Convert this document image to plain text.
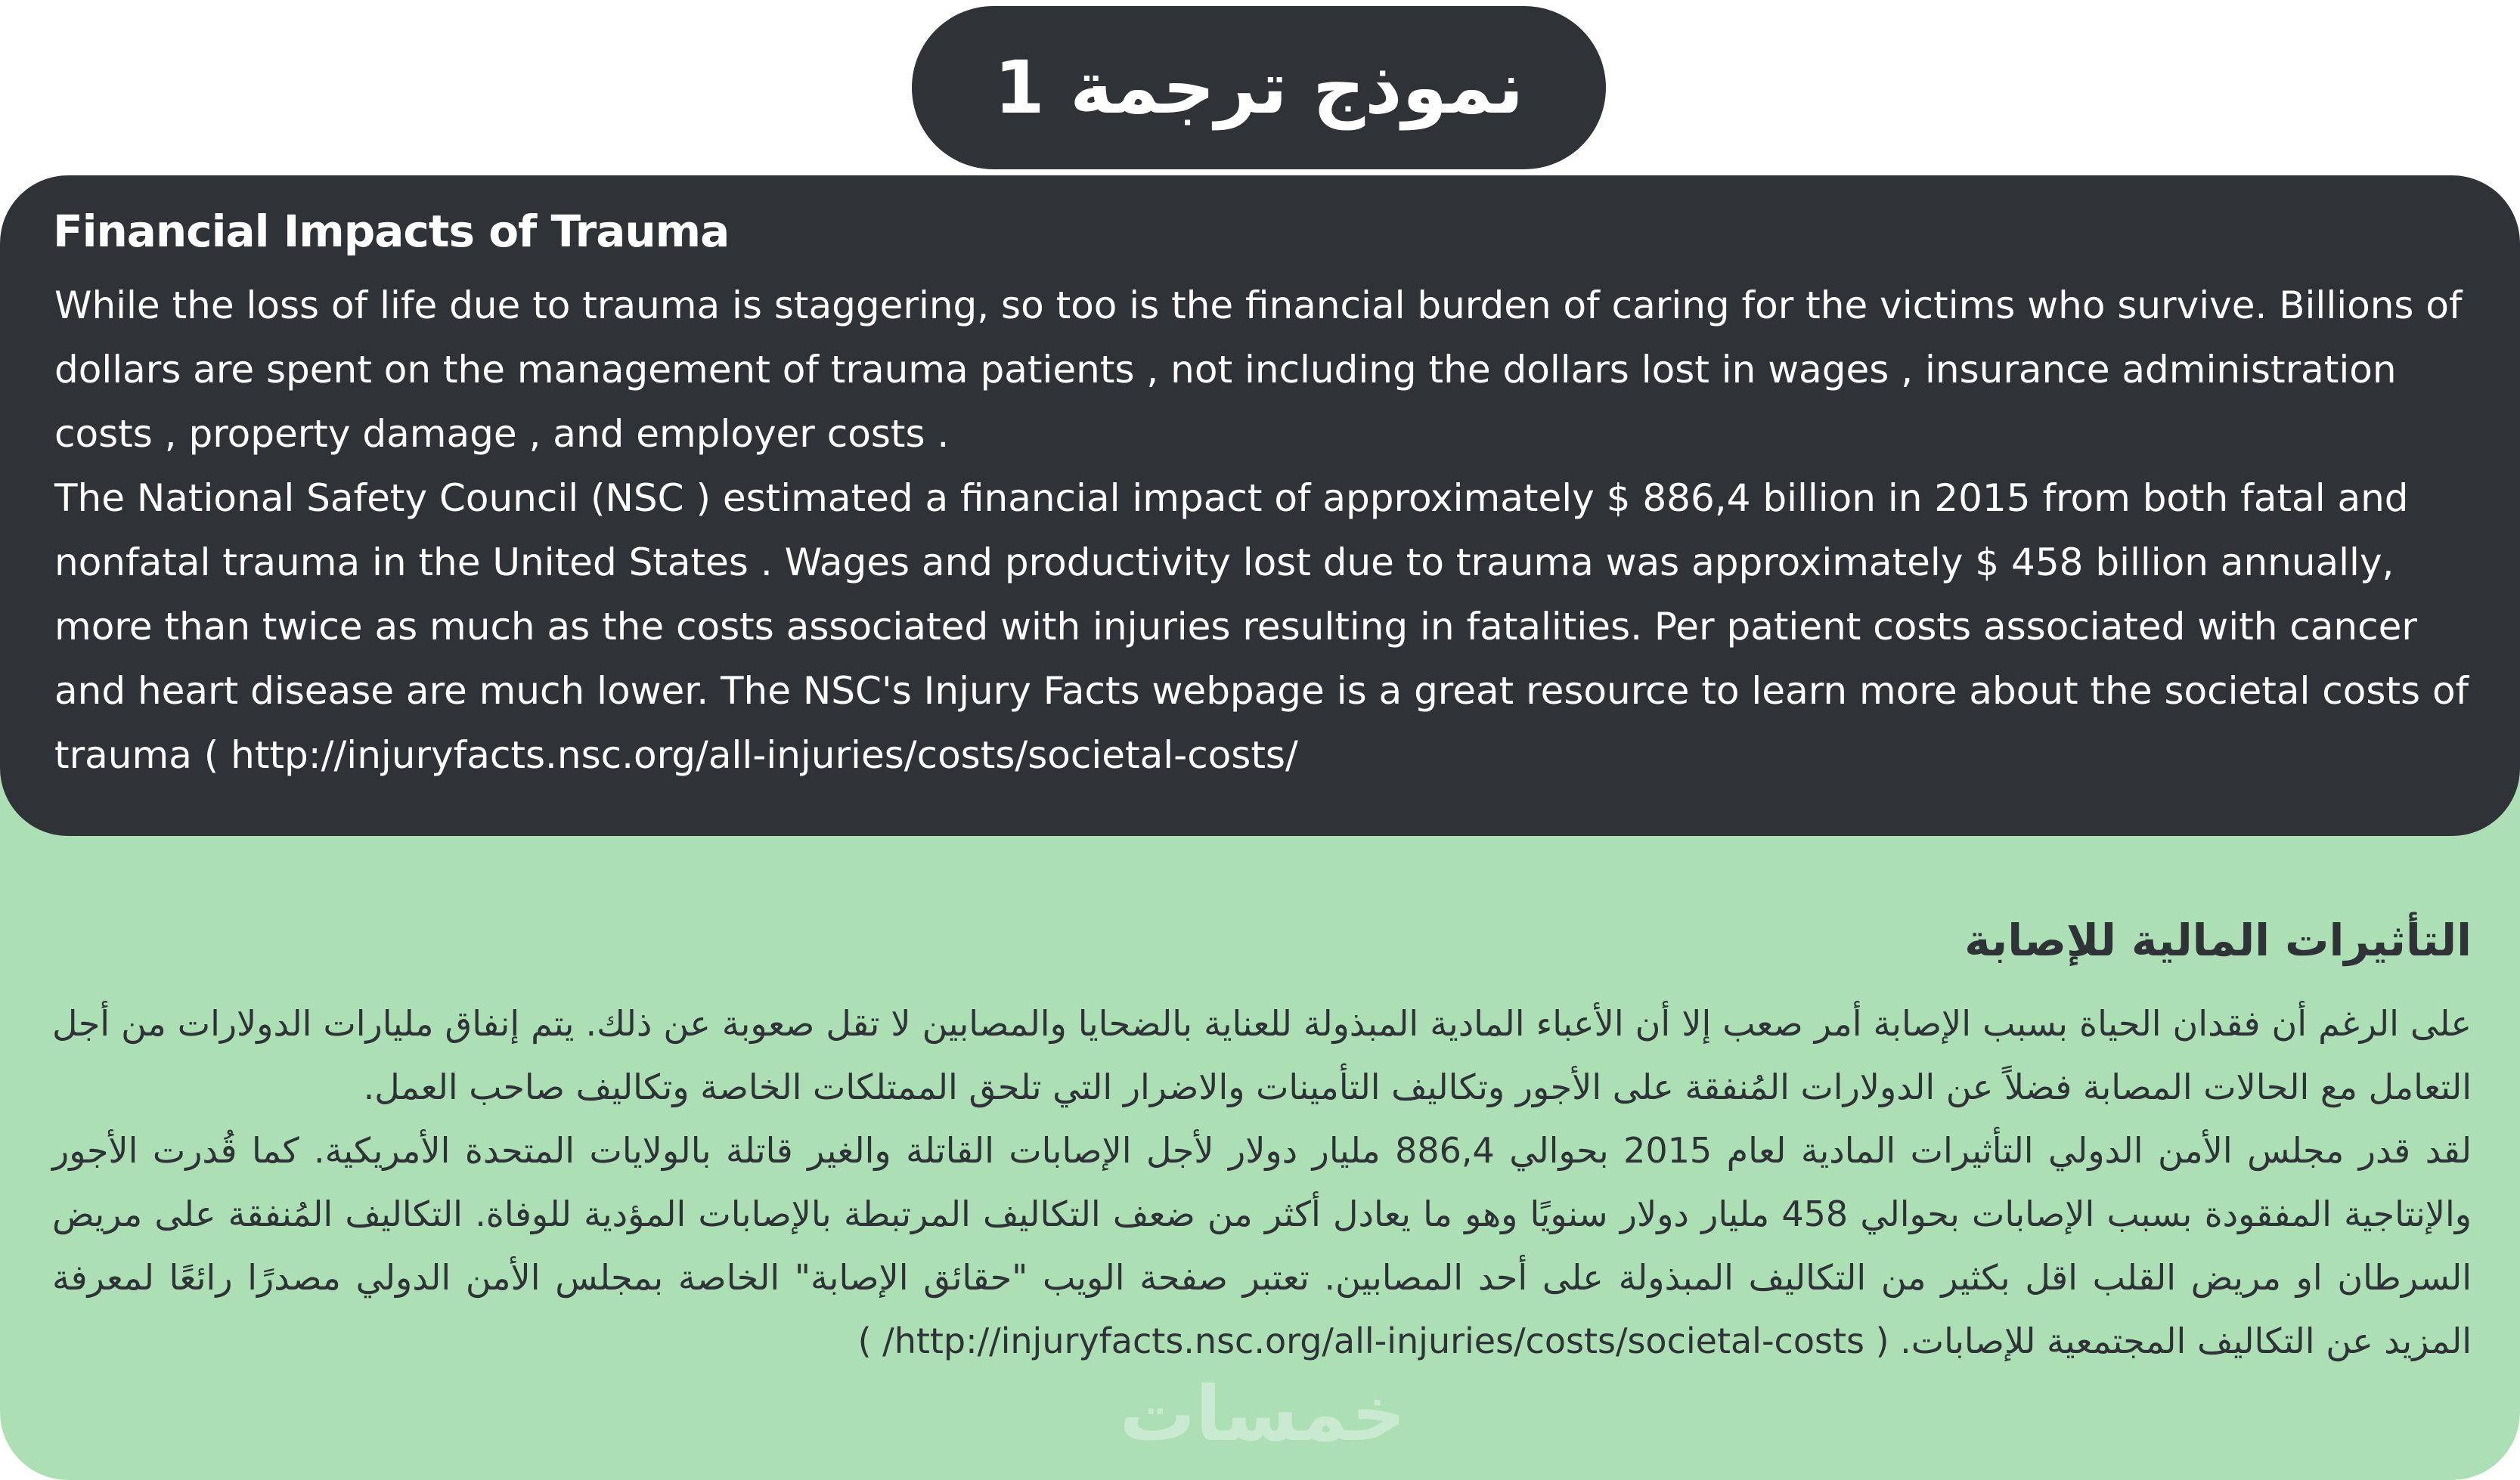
نموذج ترجمة 1
Financial Impacts of Trauma

While the loss of life due to trauma is staggering, so too is the financial burden of caring for the victims who survive. Billions of dollars are spent on the management of trauma patients , not including the dollars lost in wages , insurance administration costs , property damage , and employer costs .

The National Safety Council (NSC ) estimated a financial impact of approximately $ 886,4 billion in 2015 from both fatal and nonfatal trauma in the United States . Wages and productivity lost due to trauma was approximately $ 458 billion annually, more than twice as much as the costs associated with injuries resulting in fatalities. Per patient costs associated with cancer and heart disease are much lower. The NSC's Injury Facts webpage is a great resource to learn more about the societal costs of trauma ( http://injuryfacts.nsc.org/all-injuries/costs/societal-costs/

التأثيرات المالية للإصابة

على الرغم أن فقدان الحياة بسبب الإصابة أمر صعب إلا أن الأعباء المادية المبذولة للعناية بالضحايا والمصابين لا تقل صعوبة عن ذلك. يتم إنفاق مليارات الدولارات من أجل التعامل مع الحالات المصابة فضلاً عن الدولارات المُنفقة على الأجور وتكاليف التأمينات والاضرار التي تلحق الممتلكات الخاصة وتكاليف صاحب العمل.

لقد قدر مجلس الأمن الدولي التأثيرات المادية لعام 2015 بحوالي 886,4 مليار دولار لأجل الإصابات القاتلة والغير قاتلة بالولايات المتحدة الأمريكية. كما قُدرت الأجور والإنتاجية المفقودة بسبب الإصابات بحوالي 458 مليار دولار سنويًا وهو ما يعادل أكثر من ضعف التكاليف المرتبطة بالإصابات المؤدية للوفاة. التكاليف المُنفقة على مريض السرطان او مريض القلب اقل بكثير من التكاليف المبذولة على أحد المصابين. تعتبر صفحة الويب "حقائق الإصابة" الخاصة بمجلس الأمن الدولي مصدرًا رائعًا لمعرفة المزيد عن التكاليف المجتمعية للإصابات. ( http://injuryfacts.nsc.org/all-injuries/costs/societal-costs/ )

خمسات
